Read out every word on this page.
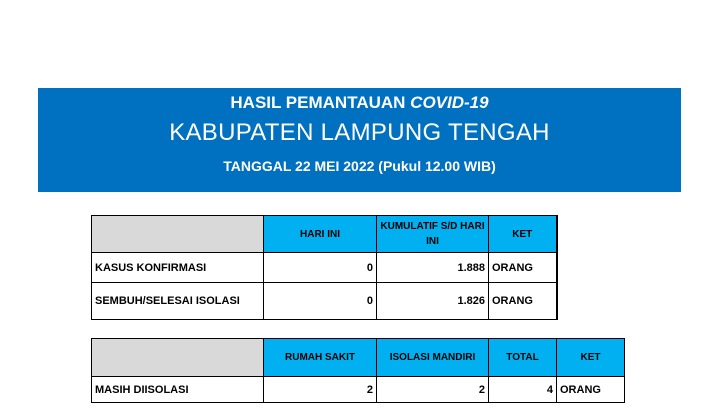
HASIL PEMANTAUAN COVID-19
KABUPATEN LAMPUNG TENGAH
TANGGAL 22 MEI 2022 (Pukul 12.00 WIB)
	HARI INI	KUMULATIF S/D HARI INI	KET
KASUS KONFIRMASI	0	1.888	ORANG
SEMBUH/SELESAI ISOLASI	0	1.826	ORANG
	RUMAH SAKIT	ISOLASI MANDIRI	TOTAL	KET
MASIH DIISOLASI	2	2	4	ORANG
